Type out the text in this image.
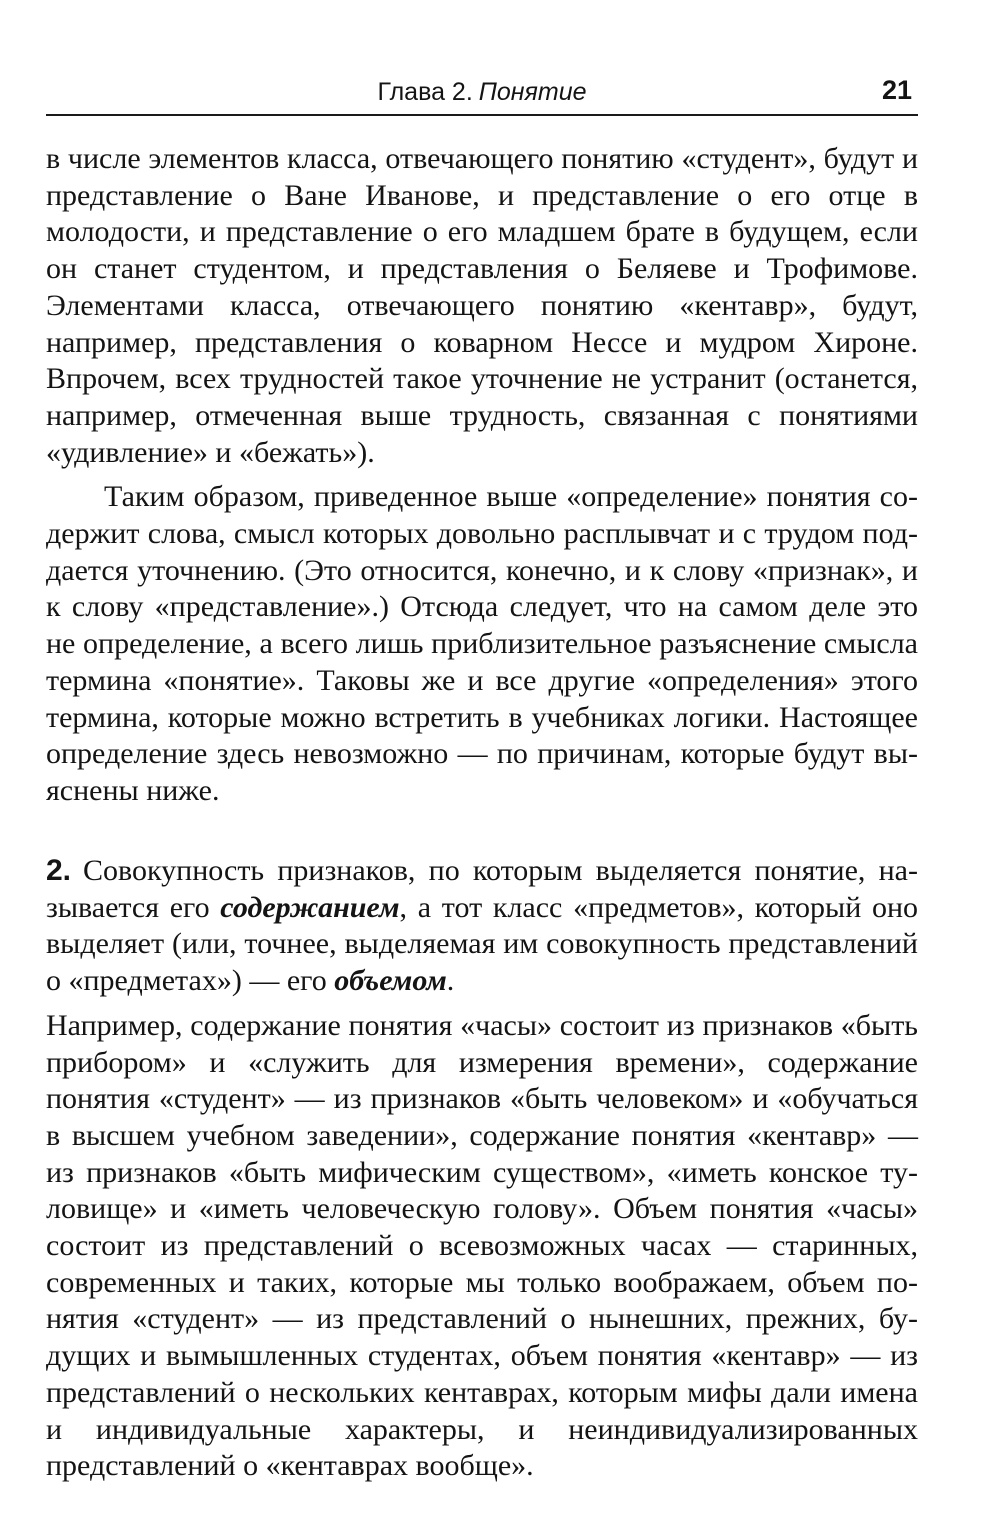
Глава 2. Понятие	21

в числе элементов класса, отвечающего понятию «студент», будут и представление о Ване Иванове, и представление о его отце в молодости, и представление о его младшем брате в будущем, если он станет студентом, и представления о Беляеве и Трофимове. Элементами класса, отвечающего понятию «кентавр», будут, например, представления о коварном Нессе и мудром Хироне. Впрочем, всех трудностей такое уточнение не устранит (останется, например, отмеченная выше трудность, связанная с понятиями «удивление» и «бежать»).

Таким образом, приведенное выше «определение» понятия содержит слова, смысл которых довольно расплывчат и с трудом поддается уточнению. (Это относится, конечно, и к слову «признак», и к слову «представление».) Отсюда следует, что на самом деле это не определение, а всего лишь приблизительное разъяснение смысла термина «понятие». Таковы же и все другие «определения» этого термина, которые можно встретить в учебниках логики. Настоящее определение здесь невозможно — по причинам, которые будут выяснены ниже.

2. Совокупность признаков, по которым выделяется понятие, называется его содержанием, а тот класс «предметов», который оно выделяет (или, точнее, выделяемая им совокупность представлений о «предметах») — его объемом.

Например, содержание понятия «часы» состоит из признаков «быть прибором» и «служить для измерения времени», содержание понятия «студент» — из признаков «быть человеком» и «обучаться в высшем учебном заведении», содержание понятия «кентавр» — из признаков «быть мифическим существом», «иметь конское туловище» и «иметь человеческую голову». Объем понятия «часы» состоит из представлений о всевозможных часах — старинных, современных и таких, которые мы только воображаем, объем понятия «студент» — из представлений о нынешних, прежних, будущих и вымышленных студентах, объем понятия «кентавр» — из представлений о нескольких кентаврах, которым мифы дали имена и индивидуальные характеры, и неиндивидуализированных представлений о «кентаврах вообще».
